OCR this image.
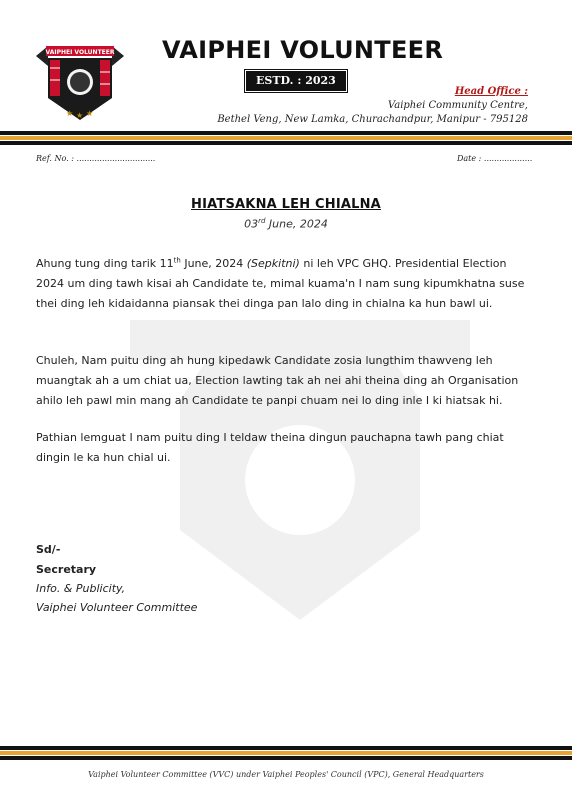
VAIPHEI VOLUNTEER
★ ★ ★
VAIPHEI VOLUNTEER
ESTD. : 2023
Head Office :
Vaiphei Community Centre,
Bethel Veng, New Lamka, Churachandpur, Manipur - 795128
Ref. No. : ...............................	Date : ...................
HIATSAKNA LEH CHIALNA
03rd June, 2024
Ahung tung ding tarik 11th June, 2024 (Sepkitni) ni leh VPC GHQ. Presidential Election 2024 um ding tawh kisai ah Candidate te, mimal kuama'n I nam sung kipumkhatna suse thei ding leh kidaidanna piansak thei dinga pan lalo ding in chialna ka hun bawl ui.
Chuleh, Nam puitu ding ah hung kipedawk Candidate zosia lungthim thawveng leh muangtak ah a um chiat ua, Election lawting tak ah nei ahi theina ding ah Organisation ahilo leh pawl min mang ah Candidate te panpi chuam nei lo ding inle I ki hiatsak hi.
Pathian lemguat I nam puitu ding I teldaw theina dingun pauchapna tawh pang chiat dingin le ka hun chial ui.
Sd/-
Secretary
Info. & Publicity,
Vaiphei Volunteer Committee
Vaiphei Volunteer Committee (VVC) under Vaiphei Peoples' Council (VPC), General Headquarters
